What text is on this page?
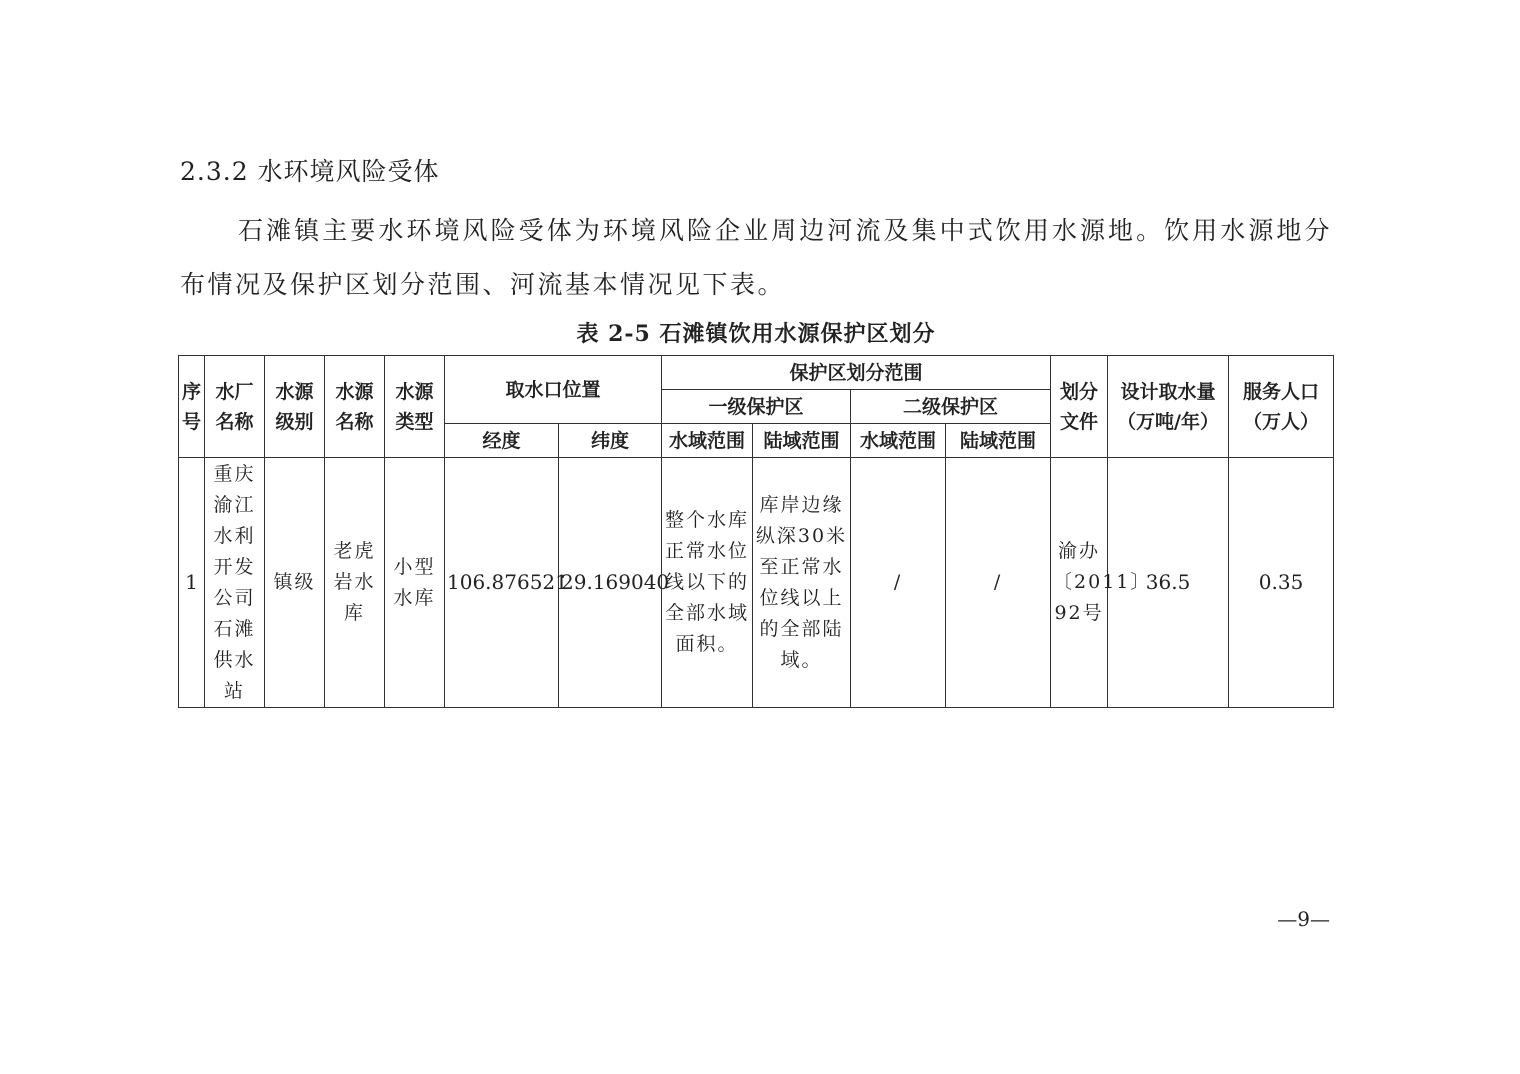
2.3.2 水环境风险受体
石滩镇主要水环境风险受体为环境风险企业周边河流及集中式饮用水源地。饮用水源地分布情况及保护区划分范围、河流基本情况见下表。
表 2-5 石滩镇饮用水源保护区划分
序号	水厂名称	水源级别	水源名称	水源类型	取水口位置		保护区划分范围				划分文件	设计取水量（万吨/年）	服务人口（万人）
							一级保护区		二级保护区				
					经度	纬度	水域范围	陆域范围	水域范围	陆域范围			
1	重庆渝江水利开发公司石滩供水站	镇级	老虎岩水库	小型水库	106.876521	29.169040	整个水库正常水位线以下的全部水域面积。	库岸边缘纵深30米至正常水位线以上的全部陆域。	/	/	渝办〔2011〕92号	36.5	0.35
—9—
